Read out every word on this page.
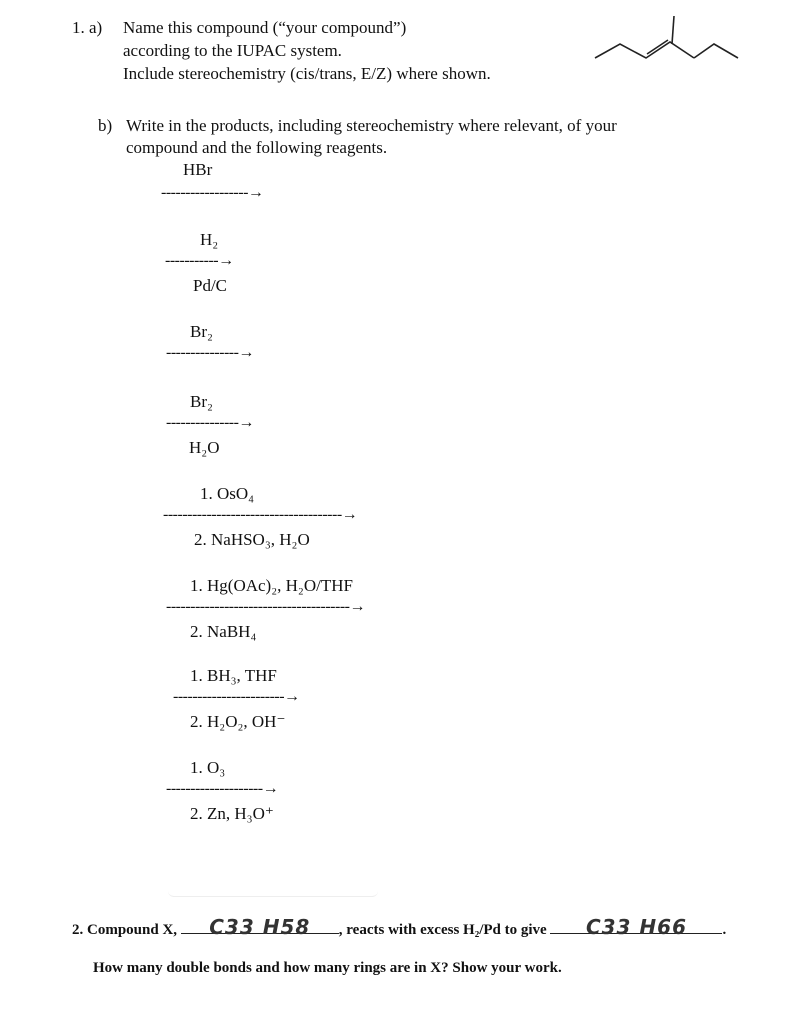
1. a) Name this compound (“your compound”)
according to the IUPAC system.
Include stereochemistry (cis/trans, E/Z) where shown.
b) Write in the products, including stereochemistry where relevant, of your
compound and the following reagents.
HBr
------------------→
H₂
-----------→
Pd/C
Br₂
---------------→
Br₂
---------------→
H₂O
1. OsO₄
-------------------------------------→
2. NaHSO₃, H₂O
1. Hg(OAc)₂, H₂O/THF
--------------------------------------→
2. NaBH₄
1. BH₃, THF
-----------------------→
2. H₂O₂, OH⁻
1. O₃
--------------------→
2. Zn, H₃O⁺
2. Compound X, C33 H58 , reacts with excess H₂/Pd to give C33 H66 .
How many double bonds and how many rings are in X? Show your work.
